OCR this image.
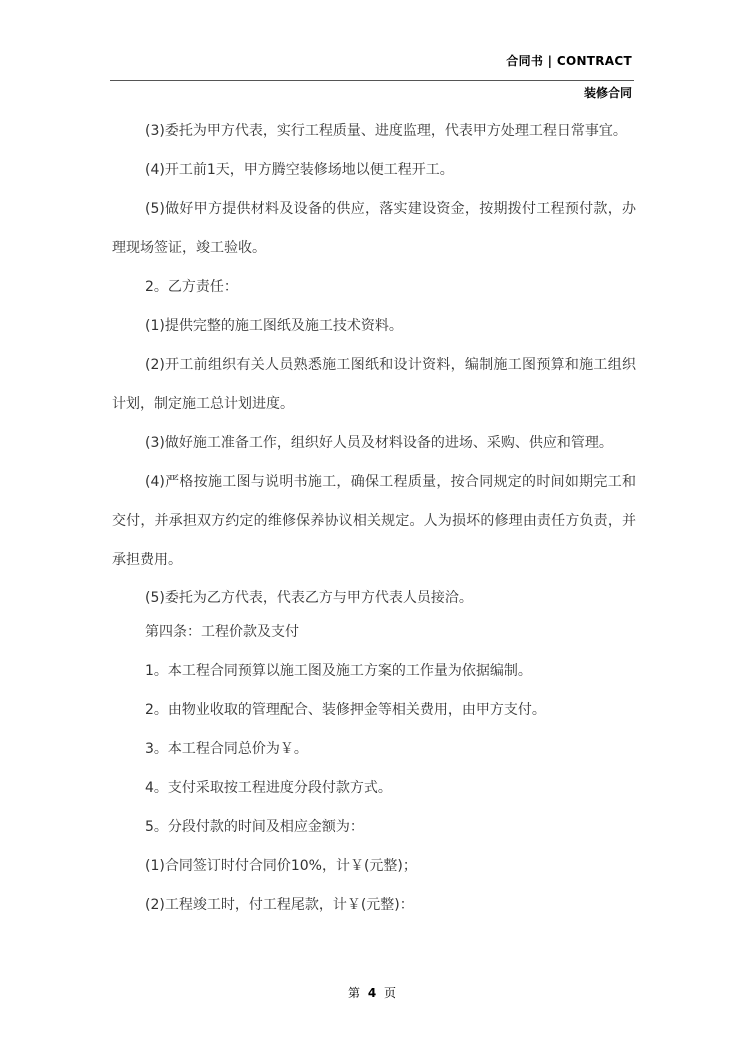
合同书 | CONTRACT
装修合同

(3)委托为甲方代表，实行工程质量、进度监理，代表甲方处理工程日常事宜。

(4)开工前1天，甲方腾空装修场地以便工程开工。

(5)做好甲方提供材料及设备的供应，落实建设资金，按期拨付工程预付款，办理现场签证，竣工验收。

2。乙方责任：

(1)提供完整的施工图纸及施工技术资料。

(2)开工前组织有关人员熟悉施工图纸和设计资料，编制施工图预算和施工组织计划，制定施工总计划进度。

(3)做好施工准备工作，组织好人员及材料设备的进场、采购、供应和管理。

(4)严格按施工图与说明书施工，确保工程质量，按合同规定的时间如期完工和交付，并承担双方约定的维修保养协议相关规定。人为损坏的修理由责任方负责，并承担费用。

(5)委托为乙方代表，代表乙方与甲方代表人员接洽。

第四条：工程价款及支付

1。本工程合同预算以施工图及施工方案的工作量为依据编制。

2。由物业收取的管理配合、装修押金等相关费用，由甲方支付。

3。本工程合同总价为￥。

4。支付采取按工程进度分段付款方式。

5。分段付款的时间及相应金额为：

(1)合同签订时付合同价10%，计￥(元整)；

(2)工程竣工时，付工程尾款，计￥(元整)：

第 4 页
